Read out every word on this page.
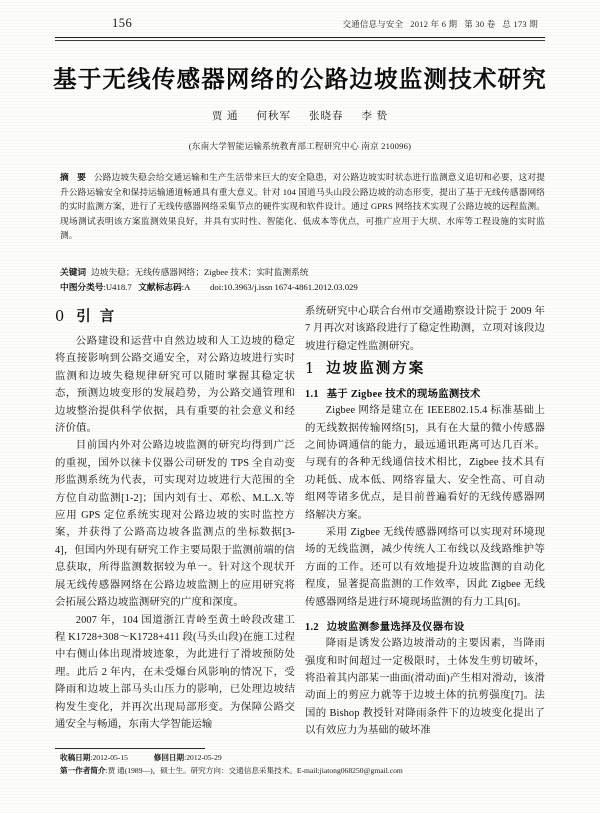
156	交通信息与安全 2012 年 6 期 第 30 卷 总 173 期
基于无线传感器网络的公路边坡监测技术研究
贾 通 何秋军 张晓春 李 贽
(东南大学智能运输系统教育部工程研究中心 南京 210096)

摘 要 公路边坡失稳会给交通运输和生产生活带来巨大的安全隐患，对公路边坡实时状态进行监测意义追切和必要，这对提升公路运输安全和保持运输通道畅通具有重大意义。针对 104 国道马头山段公路边坡的动态形变，提出了基于无线传感器网络的实时监测方案，进行了无线传感器网络采集节点的硬件实现和软件设计。通过 GPRS 网络技术实现了公路边坡的远程监测。现场测试表明该方案监测效果良好，并具有实时性、智能化、低成本等优点，可推广应用于大坝、水库等工程设施的实时监测。

关键词 边坡失稳；无线传感器网络；Zigbee 技术；实时监测系统
中图分类号:U418.7 文献标志码:A doi:10.3963/j.issn 1674-4861.2012.03.029
0 引 言

公路建设和运营中自然边坡和人工边坡的稳定将直接影响到公路交通安全，对公路边坡进行实时监测和边坡失稳规律研究可以随时掌握其稳定状态，预测边坡变形的发展趋势，为公路交通管理和边坡整治提供科学依据，具有重要的社会意义和经济价值。

目前国内外对公路边坡监测的研究均得到广泛的重视，国外以徕卡仪器公司研发的 TPS 全自动变形监测系统为代表，可实现对边坡进行大范围的全方位自动监测[1-2]；国内刘有士、邓松、M.L.X.等应用 GPS 定位系统实现对公路边坡的实时监控方案，并获得了公路高边坡各监测点的坐标数据[3-4]，但国内外现有研究工作主要局限于监测前端的信息获取，所得监测数据较为单一。针对这个现状开展无线传感器网络在公路边坡监测上的应用研究将会拓展公路边坡监测研究的广度和深度。

2007 年，104 国道浙江青岭至黄土岭段改建工程 K1728+308～K1728+411 段(马头山段)在施工过程中右侧山体出现滑坡迹象，为此进行了滑坡预防处理。此后 2 年内，在未受爆台风影响的情况下，受降雨和边坡上部马头山压力的影响，已处理边坡结构发生变化，并再次出现局部形变。为保障公路交通安全与畅通，东南大学智能运输

系统研究中心联合台州市交通勘察设计院于 2009 年 7 月再次对该路段进行了稳定性勘测，立项对该段边坡进行稳定性监测研究。

1 边坡监测方案
1.1 基于 Zigbee 技术的现场监测技术

Zigbee 网络是建立在 IEEE802.15.4 标准基础上的无线数据传输网络[5]，具有在大量的微小传感器之间协调通信的能力，最远通讯距离可达几百米。与现有的各种无线通信技术相比，Zigbee 技术具有功耗低、成本低、网络容量大、安全性高、可自动组网等诸多优点，是目前普遍看好的无线传感器网络解决方案。

采用 Zigbee 无线传感器网络可以实现对环境现场的无线监测，减少传统人工布线以及线路维护等方面的工作。还可以有效地提升边坡监测的自动化程度，显著提高监测的工作效率，因此 Zigbee 无线传感器网络是进行环境现场监测的有力工具[6]。

1.2 边坡监测参量选择及仪器布设

降雨是诱发公路边坡滑动的主要因素，当降雨强度和时间超过一定极限时，土体发生剪切破坏，将沿着其内部某一曲面(滑动面)产生相对滑动，该滑动面上的剪应力就等于边坡土体的抗剪强度[7]。法国的 Bishop 教授针对降雨条件下的边坡变化提出了以有效应力为基础的破坏准

收稿日期:2012-05-15	修回日期:2012-05-29
第一作者简介:贾 通(1989—)，硕士生。研究方向：交通信息采集技术。E-mail:jiatong068250@gmail.com
